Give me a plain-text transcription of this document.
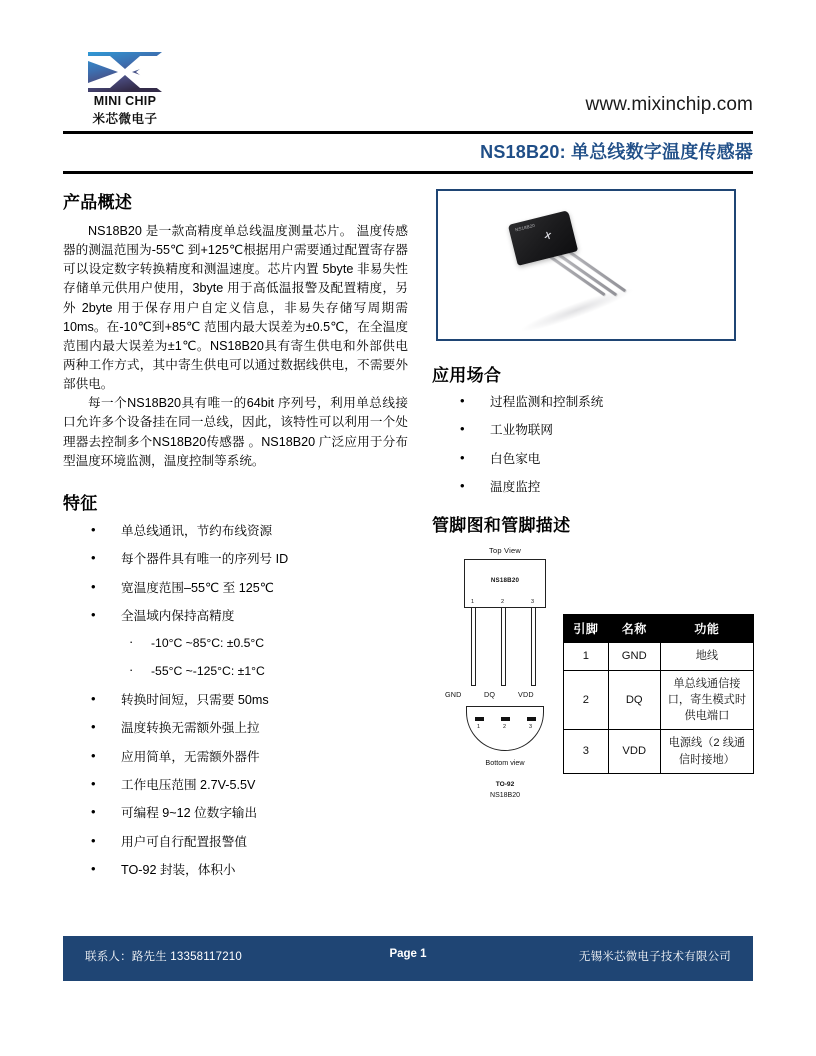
MINI CHIP
米芯微电子
www.mixinchip.com
NS18B20: 单总线数字温度传感器
产品概述

NS18B20 是一款高精度单总线温度测量芯片。 温度传感器的测温范围为-55℃ 到+125℃根据用户需要通过配置寄存器可以设定数字转换精度和测温速度。芯片内置 5byte 非易失性存储单元供用户使用，3byte 用于高低温报警及配置精度，另外 2byte 用于保存用户自定义信息，非易失存储写周期需10ms。在-10℃到+85℃ 范围内最大误差为±0.5℃，在全温度范围内最大误差为±1℃。NS18B20具有寄生供电和外部供电两种工作方式，其中寄生供电可以通过数据线供电，不需要外部供电。

每一个NS18B20具有唯一的64bit 序列号，利用单总线接口允许多个设备挂在同一总线，因此，该特性可以利用一个处理器去控制多个NS18B20传感器 。NS18B20 广泛应用于分布型温度环境监测，温度控制等系统。

特征
• 单总线通讯，节约布线资源
• 每个器件具有唯一的序列号 ID
• 宽温度范围–55℃ 至 125℃
• 全温域内保持高精度
· -10°C ~85°C: ±0.5°C
· -55°C ~-125°C: ±1°C
• 转换时间短，只需要 50ms
• 温度转换无需额外强上拉
• 应用简单，无需额外器件
• 工作电压范围 2.7V-5.5V
• 可编程 9~12 位数字输出
• 用户可自行配置报警值
• TO-92 封装，体积小
NS18B20
X
应用场合
• 过程监测和控制系统
• 工业物联网
• 白色家电
• 温度监控
管脚图和管脚描述
Top View
NS18B20
1	2	3
GND	DQ	VDD
1	2	3
Bottom view
TO-92
NS18B20
引脚	名称	功能
1	GND	地线
2	DQ	单总线通信接口，寄生模式时供电端口
3	VDD	电源线（2 线通信时接地）
联系人：路先生 13358117210	Page 1	无锡米芯微电子技术有限公司
